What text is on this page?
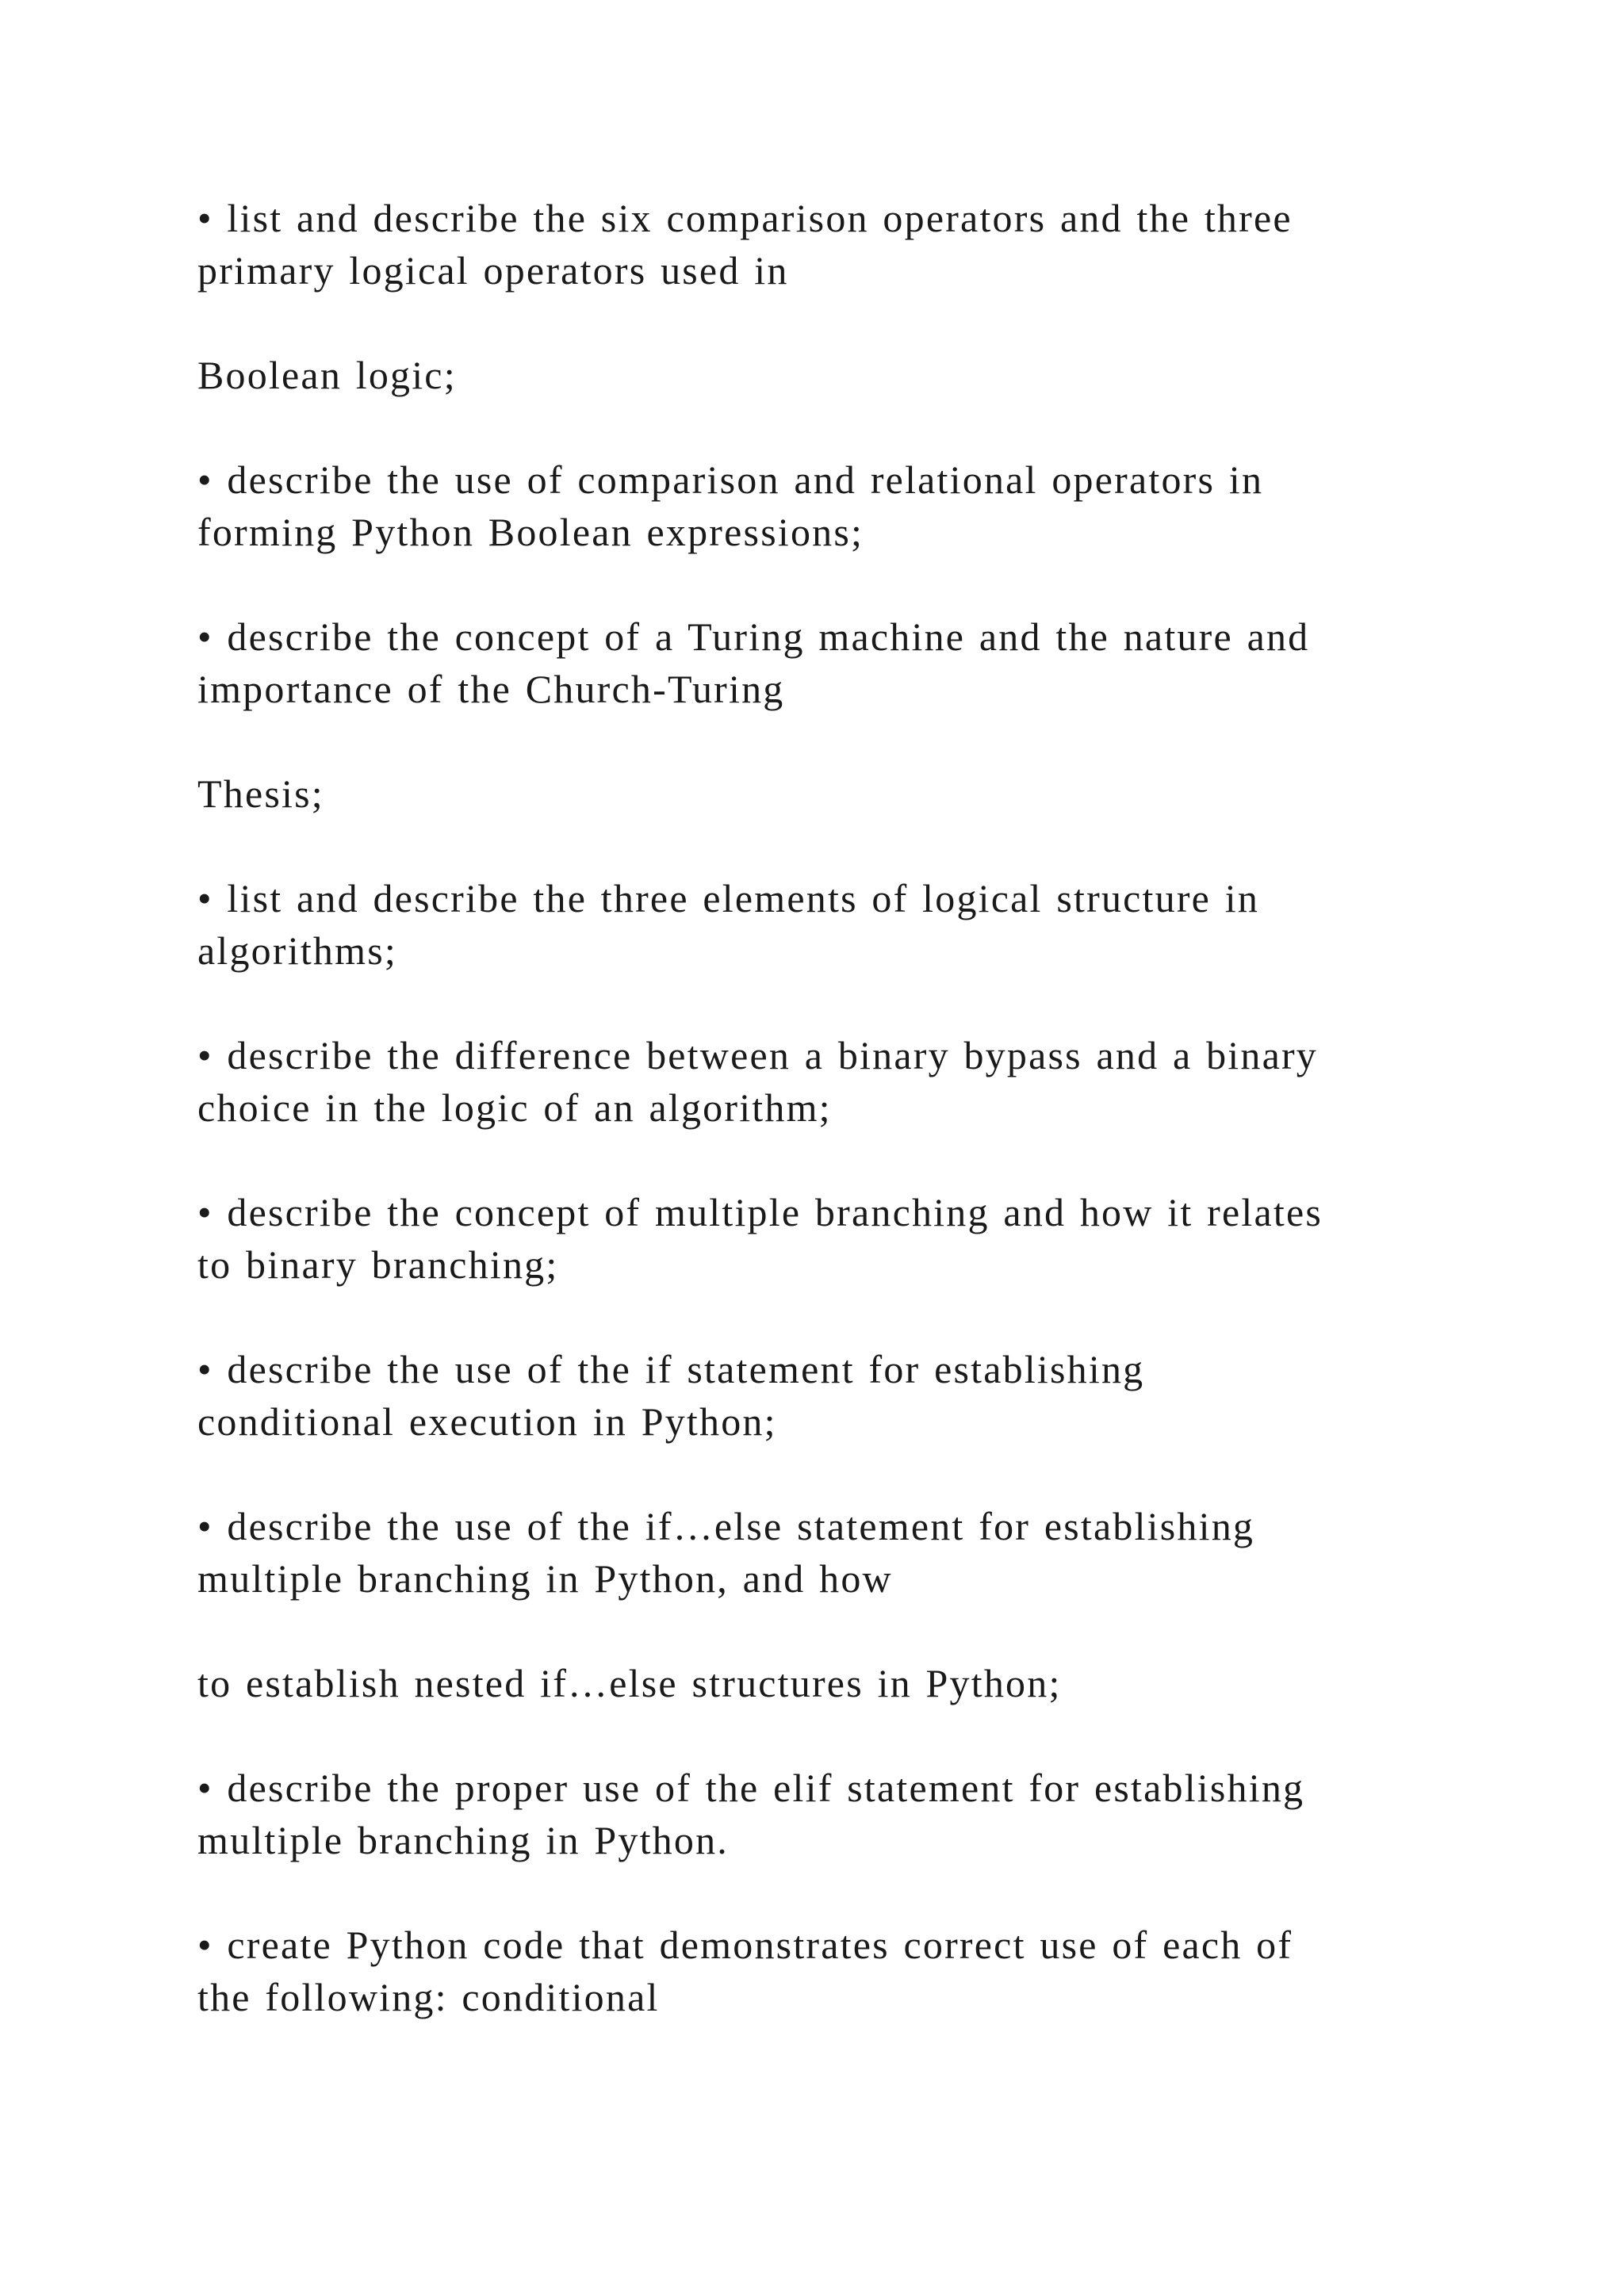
• list and describe the six comparison operators and the three
primary logical operators used in

Boolean logic;

• describe the use of comparison and relational operators in
forming Python Boolean expressions;

• describe the concept of a Turing machine and the nature and
importance of the Church-Turing

Thesis;

• list and describe the three elements of logical structure in
algorithms;

• describe the difference between a binary bypass and a binary
choice in the logic of an algorithm;

• describe the concept of multiple branching and how it relates
to binary branching;

• describe the use of the if statement for establishing
conditional execution in Python;

• describe the use of the if…else statement for establishing
multiple branching in Python, and how

to establish nested if…else structures in Python;

• describe the proper use of the elif statement for establishing
multiple branching in Python.

• create Python code that demonstrates correct use of each of
the following: conditional
